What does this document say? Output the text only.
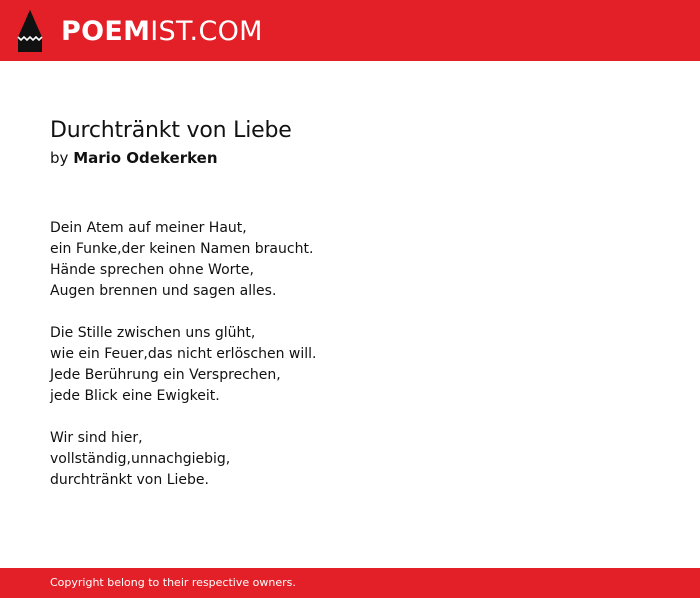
POEM IST.COM
Durchtränkt von Liebe
by Mario Odekerken
Dein Atem auf meiner Haut,
ein Funke,der keinen Namen braucht.
Hände sprechen ohne Worte,
Augen brennen und sagen alles.
Die Stille zwischen uns glüht,
wie ein Feuer,das nicht erlöschen will.
Jede Berührung ein Versprechen,
jede Blick eine Ewigkeit.
Wir sind hier,
vollständig,unnachgiebig,
durchtränkt von Liebe.
Copyright belong to their respective owners.
